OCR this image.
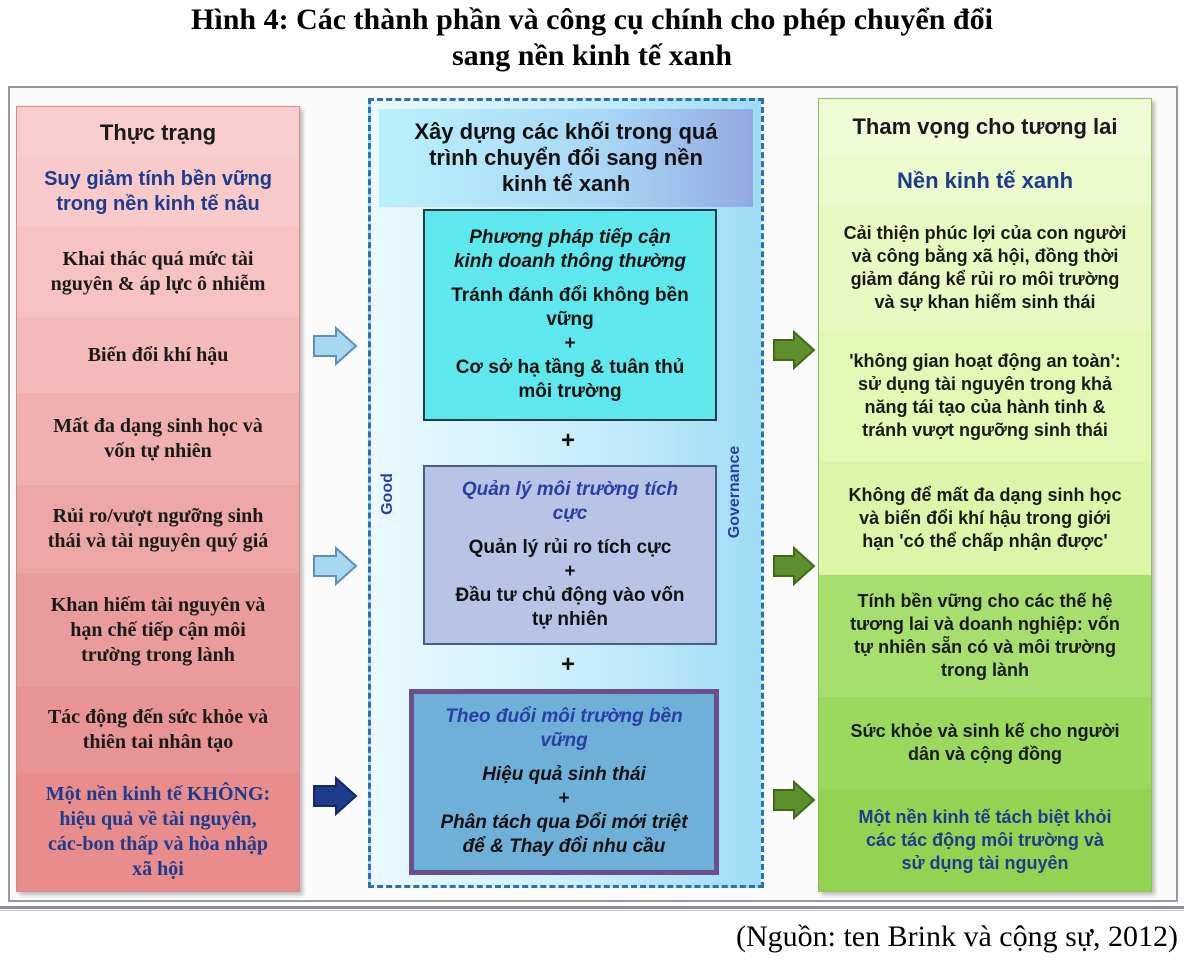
Hình 4: Các thành phần và công cụ chính cho phép chuyển đổi
sang nền kinh tế xanh
Thực trạng
Suy giảm tính bền vững
trong nền kinh tế nâu
Khai thác quá mức tài
nguyên & áp lực ô nhiễm
Biến đổi khí hậu
Mất đa dạng sinh học và
vốn tự nhiên
Rủi ro/vượt ngưỡng sinh
thái và tài nguyên quý giá
Khan hiếm tài nguyên và
hạn chế tiếp cận môi
trường trong lành
Tác động đến sức khỏe và
thiên tai nhân tạo
Một nền kinh tế KHÔNG:
hiệu quả về tài nguyên,
các-bon thấp và hòa nhập
xã hội
Xây dựng các khối trong quá
trình chuyển đổi sang nền
kinh tế xanh
Good	Governance
Phương pháp tiếp cận
kinh doanh thông thường
Tránh đánh đổi không bền
vững
+
Cơ sở hạ tầng & tuân thủ
môi trường
+
Quản lý môi trường tích
cực
Quản lý rủi ro tích cực
+
Đầu tư chủ động vào vốn
tự nhiên
+
Theo đuổi môi trường bền
vững
Hiệu quả sinh thái
+
Phân tách qua Đổi mới triệt
để & Thay đổi nhu cầu
Tham vọng cho tương lai
Nền kinh tế xanh
Cải thiện phúc lợi của con người
và công bằng xã hội, đồng thời
giảm đáng kể rủi ro môi trường
và sự khan hiếm sinh thái
'không gian hoạt động an toàn':
sử dụng tài nguyên trong khả
năng tái tạo của hành tinh &
tránh vượt ngưỡng sinh thái
Không để mất đa dạng sinh học
và biến đổi khí hậu trong giới
hạn 'có thể chấp nhận được'
Tính bền vững cho các thế hệ
tương lai và doanh nghiệp: vốn
tự nhiên sẵn có và môi trường
trong lành
Sức khỏe và sinh kế cho người
dân và cộng đồng
Một nền kinh tế tách biệt khỏi
các tác động môi trường và
sử dụng tài nguyên
(Nguồn: ten Brink và cộng sự, 2012)
